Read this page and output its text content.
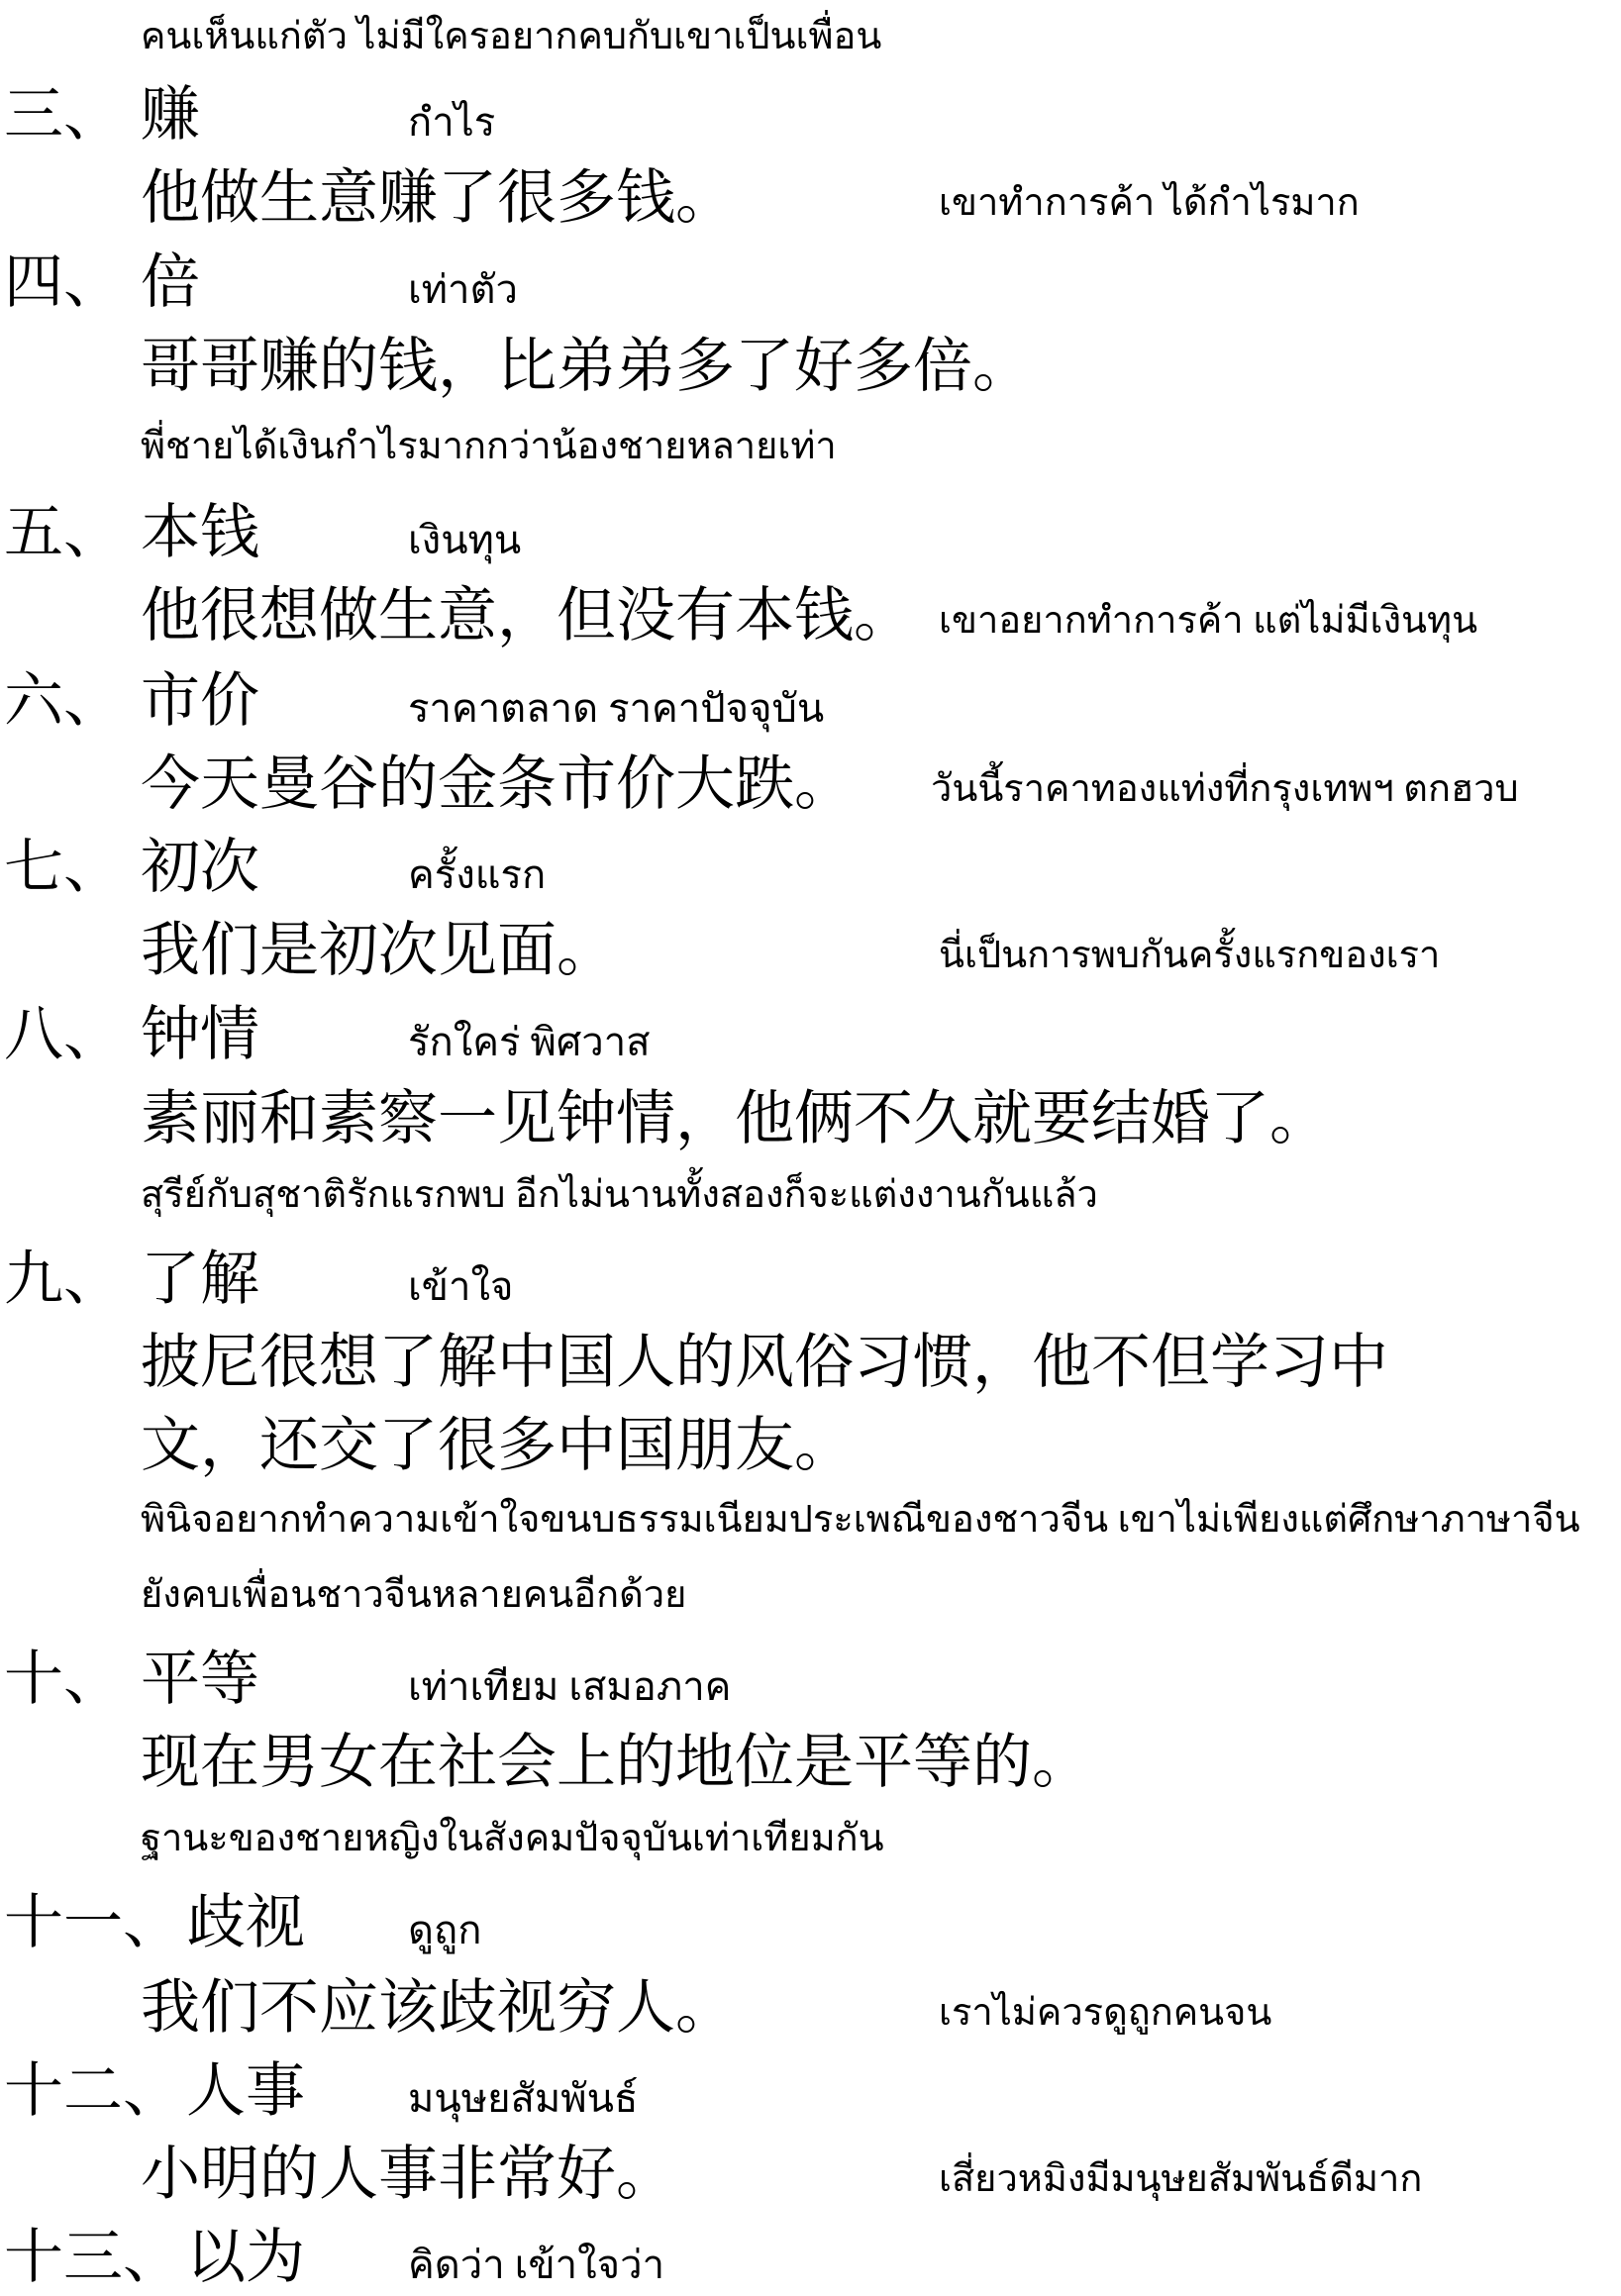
คนเห็นแก่ตัว ไม่มีใครอยากคบกับเขาเป็นเพื่อน
三、 赚	กำไร
他做生意赚了很多钱。	เขาทำการค้า ได้กำไรมาก
四、 倍	เท่าตัว
哥哥赚的钱，比弟弟多了好多倍。
พี่ชายได้เงินกำไรมากกว่าน้องชายหลายเท่า
五、 本钱	เงินทุน
他很想做生意，但没有本钱。 เขาอยากทำการค้า แต่ไม่มีเงินทุน
六、 市价	ราคาตลาด ราคาปัจจุบัน
今天曼谷的金条市价大跌。 วันนี้ราคาทองแท่งที่กรุงเทพฯ ตกฮวบ
七、 初次	ครั้งแรก
我们是初次见面。	นี่เป็นการพบกันครั้งแรกของเรา
八、 钟情	รักใคร่ พิศวาส
素丽和素察一见钟情，他俩不久就要结婚了。
สุรีย์กับสุชาติรักแรกพบ อีกไม่นานทั้งสองก็จะแต่งงานกันแล้ว
九、 了解	เข้าใจ
披尼很想了解中国人的风俗习惯，他不但学习中
文，还交了很多中国朋友。
พินิจอยากทำความเข้าใจขนบธรรมเนียมประเพณีของชาวจีน เขาไม่เพียงแต่ศึกษาภาษาจีน
ยังคบเพื่อนชาวจีนหลายคนอีกด้วย
十、 平等	เท่าเทียม เสมอภาค
现在男女在社会上的地位是平等的。
ฐานะของชายหญิงในสังคมปัจจุบันเท่าเทียมกัน
十一、 歧视	ดูถูก
我们不应该歧视穷人。	เราไม่ควรดูถูกคนจน
十二、 人事	มนุษยสัมพันธ์
小明的人事非常好。	เสี่ยวหมิงมีมนุษยสัมพันธ์ดีมาก
十三、 以为	คิดว่า เข้าใจว่า
